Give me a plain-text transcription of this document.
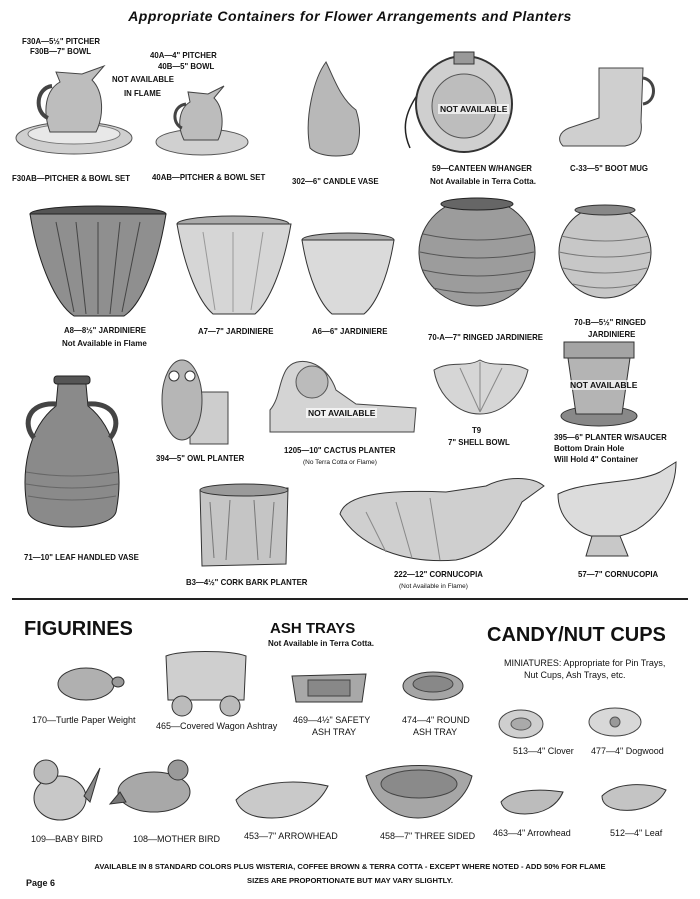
Appropriate Containers for Flower Arrangements and Planters
F30A—5½" PITCHER
F30B—7" BOWL
NOT AVAILABLE
IN FLAME
F30AB—PITCHER & BOWL SET
40A—4" PITCHER
40B—5" BOWL
40AB—PITCHER & BOWL SET	302—6" CANDLE VASE
NOT AVAILABLE
59—CANTEEN W/HANGER
Not Available in Terra Cotta.
C-33—5" BOOT MUG
A8—8½" JARDINIERE
Not Available in Flame
A7—7" JARDINIERE	A6—6" JARDINIERE
70-A—7" RINGED JARDINIERE
70-B—5½" RINGED
JARDINIERE
71—10" LEAF HANDLED VASE
394—5" OWL PLANTER
NOT AVAILABLE
1205—10" CACTUS PLANTER
(No Terra Cotta or Flame)
T9
7" SHELL BOWL
NOT AVAILABLE
395—6" PLANTER W/SAUCER
Bottom Drain Hole
Will Hold 4" Container
B3—4½" CORK BARK PLANTER
222—12" CORNUCOPIA
(Not Available in Flame)
57—7" CORNUCOPIA
FIGURINES	ASH TRAYS
Not Available in Terra Cotta.	CANDY/NUT CUPS
MINIATURES: Appropriate for Pin Trays,
Nut Cups, Ash Trays, etc.
170—Turtle Paper Weight
465—Covered Wagon Ashtray
469—4½" SAFETY
ASH TRAY
474—4" ROUND
ASH TRAY
513—4" Clover 477—4" Dogwood
109—BABY BIRD	108—MOTHER BIRD	453—7" ARROWHEAD	458—7" THREE SIDED 463—4" Arrowhead	512—4" Leaf
Page 6
AVAILABLE IN 8 STANDARD COLORS PLUS WISTERIA, COFFEE BROWN & TERRA COTTA - EXCEPT WHERE NOTED - ADD 50% FOR FLAME
SIZES ARE PROPORTIONATE BUT MAY VARY SLIGHTLY.
